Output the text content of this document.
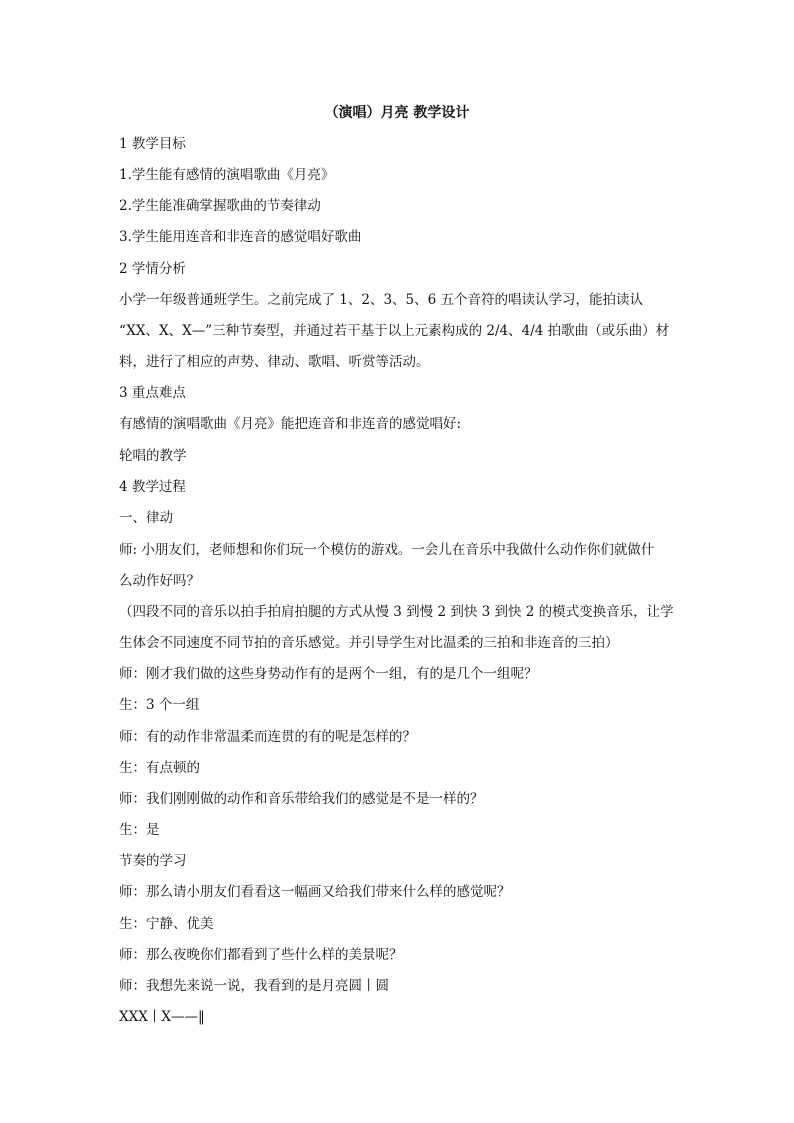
（演唱）月亮 教学设计
1 教学目标
1.学生能有感情的演唱歌曲《月亮》
2.学生能准确掌握歌曲的节奏律动
3.学生能用连音和非连音的感觉唱好歌曲
2 学情分析
小学一年级普通班学生。之前完成了 1、2、3、5、6 五个音符的唱读认学习，能拍读认
“XX、X、X—”三种节奏型，并通过若干基于以上元素构成的 2/4、4/4 拍歌曲（或乐曲）材
料，进行了相应的声势、律动、歌唱、听赏等活动。
3 重点难点
有感情的演唱歌曲《月亮》能把连音和非连音的感觉唱好:
轮唱的教学
4 教学过程
一、律动
师: 小朋友们，老师想和你们玩一个模仿的游戏。一会儿在音乐中我做什么动作你们就做什
么动作好吗？
（四段不同的音乐以拍手拍肩拍腿的方式从慢 3 到慢 2 到快 3 到快 2 的模式变换音乐，让学
生体会不同速度不同节拍的音乐感觉。并引导学生对比温柔的三拍和非连音的三拍）
师：刚才我们做的这些身势动作有的是两个一组，有的是几个一组呢？
生：3 个一组
师：有的动作非常温柔而连贯的有的呢是怎样的？
生：有点顿的
师：我们刚刚做的动作和音乐带给我们的感觉是不是一样的？
生：是
节奏的学习
师：那么请小朋友们看看这一幅画又给我们带来什么样的感觉呢？
生：宁静、优美
师：那么夜晚你们都看到了些什么样的美景呢？
师：我想先来说一说，我看到的是月亮圆丨圆
XXX丨X——‖
